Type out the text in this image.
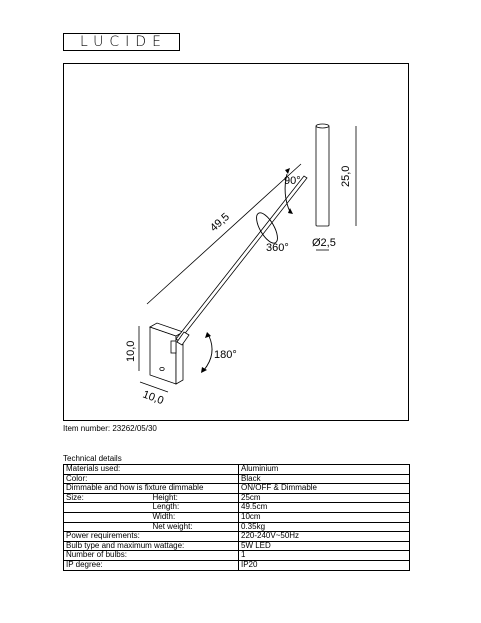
LUCIDE
49,5
25,0
Ø2,5
90°
360°
180°
10,0
10,0
Item number: 23262/05/30
Technical details
Materials used:		Aluminium
Color:		Black
Dimmable and how is fixture dimmable		ON/OFF & Dimmable
Size:	Height:	25cm
	Length:	49.5cm
	Width:	10cm
	Net weight:	0.35kg
Power requirements:		220-240V~50Hz
Bulb type and maximum wattage:		5W LED
Number of bulbs:		1
IP degree:		IP20
